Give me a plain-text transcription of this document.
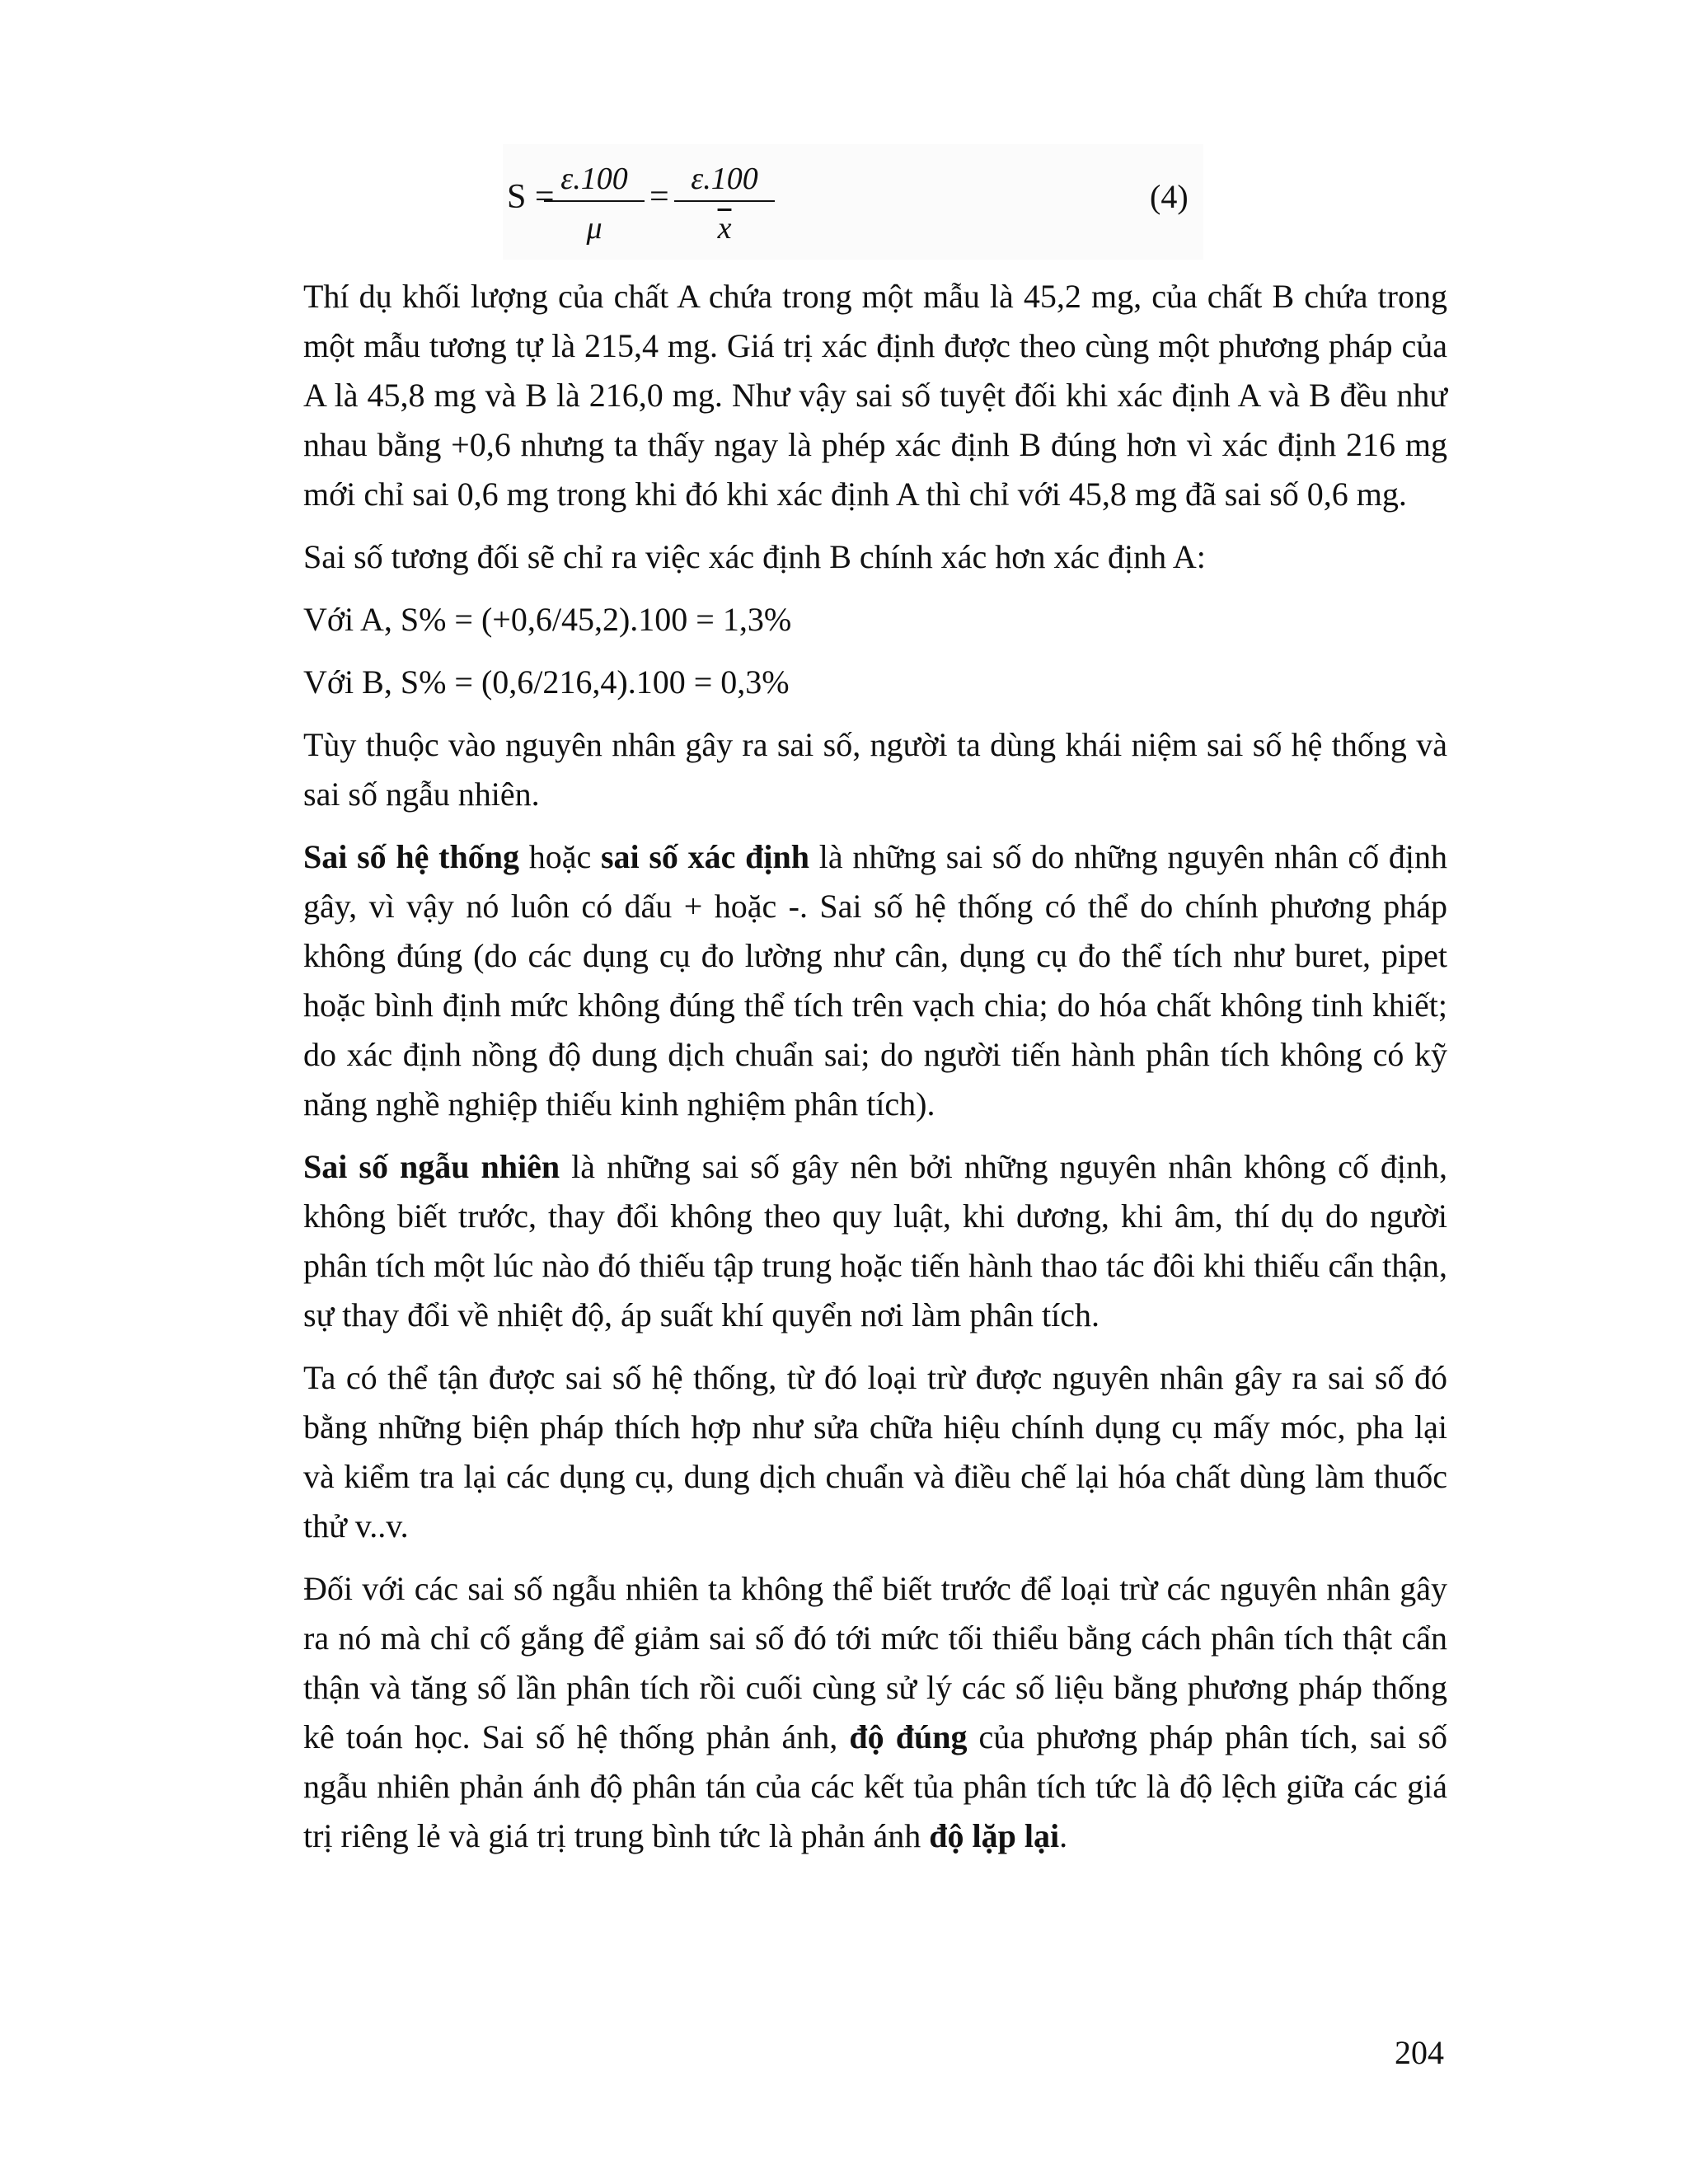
S =
$\frac{\varepsilon.100}{\mu} = \frac{\varepsilon.100}{x}$	(4)

Thí dụ khối lượng của chất A chứa trong một mẫu là 45,2 mg, của chất B chứa trong một mẫu tương tự là 215,4 mg. Giá trị xác định được theo cùng một phương pháp của A là 45,8 mg và B là 216,0 mg. Như vậy sai số tuyệt đối khi xác định A và B đều như nhau bằng +0,6 nhưng ta thấy ngay là phép xác định B đúng hơn vì xác định 216 mg mới chỉ sai 0,6 mg trong khi đó khi xác định A thì chỉ với 45,8 mg đã sai số 0,6 mg.

Sai số tương đối sẽ chỉ ra việc xác định B chính xác hơn xác định A:

Với A, S% = (+0,6/45,2).100 = 1,3%

Với B, S% = (0,6/216,4).100 = 0,3%

Tùy thuộc vào nguyên nhân gây ra sai số, người ta dùng khái niệm sai số hệ thống và sai số ngẫu nhiên.

Sai số hệ thống hoặc sai số xác định là những sai số do những nguyên nhân cố định gây, vì vậy nó luôn có dấu + hoặc -. Sai số hệ thống có thể do chính phương pháp không đúng (do các dụng cụ đo lường như cân, dụng cụ đo thể tích như buret, pipet hoặc bình định mức không đúng thể tích trên vạch chia; do hóa chất không tinh khiết; do xác định nồng độ dung dịch chuẩn sai; do người tiến hành phân tích không có kỹ năng nghề nghiệp thiếu kinh nghiệm phân tích).

Sai số ngẫu nhiên là những sai số gây nên bởi những nguyên nhân không cố định, không biết trước, thay đổi không theo quy luật, khi dương, khi âm, thí dụ do người phân tích một lúc nào đó thiếu tập trung hoặc tiến hành thao tác đôi khi thiếu cẩn thận, sự thay đổi về nhiệt độ, áp suất khí quyển nơi làm phân tích.

Ta có thể tận được sai số hệ thống, từ đó loại trừ được nguyên nhân gây ra sai số đó bằng những biện pháp thích hợp như sửa chữa hiệu chính dụng cụ mấy móc, pha lại và kiểm tra lại các dụng cụ, dung dịch chuẩn và điều chế lại hóa chất dùng làm thuốc thử v..v.

Đối với các sai số ngẫu nhiên ta không thể biết trước để loại trừ các nguyên nhân gây ra nó mà chỉ cố gắng để giảm sai số đó tới mức tối thiểu bằng cách phân tích thật cẩn thận và tăng số lần phân tích rồi cuối cùng sử lý các số liệu bằng phương pháp thống kê toán học. Sai số hệ thống phản ánh, độ đúng của phương pháp phân tích, sai số ngẫu nhiên phản ánh độ phân tán của các kết tủa phân tích tức là độ lệch giữa các giá trị riêng lẻ và giá trị trung bình tức là phản ánh độ lặp lại.

204
